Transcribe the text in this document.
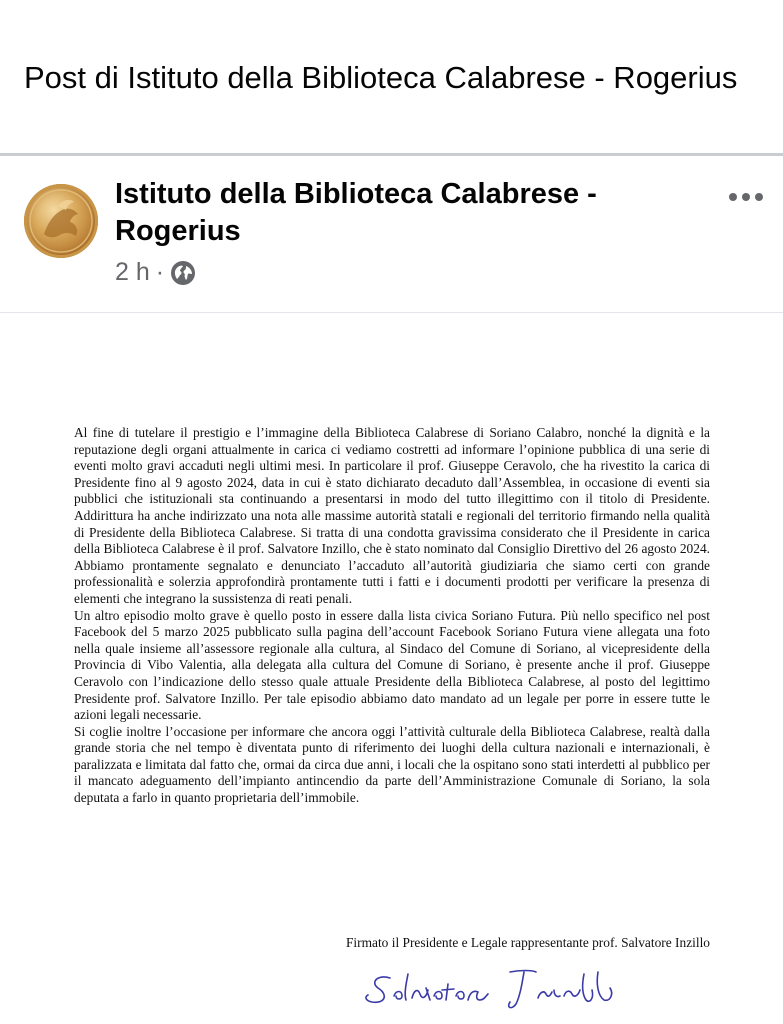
Post di Istituto della Biblioteca Calabrese - Rogerius
Istituto della Biblioteca Calabrese - Rogerius
2 h ·

Al fine di tutelare il prestigio e l’immagine della Biblioteca Calabrese di Soriano Calabro, nonché la dignità e la reputazione degli organi attualmente in carica ci vediamo costretti ad informare l’opinione pubblica di una serie di eventi molto gravi accaduti negli ultimi mesi. In particolare il prof. Giuseppe Ceravolo, che ha rivestito la carica di Presidente fino al 9 agosto 2024, data in cui è stato dichiarato decaduto dall’Assemblea, in occasione di eventi sia pubblici che istituzionali sta continuando a presentarsi in modo del tutto illegittimo con il titolo di Presidente. Addirittura ha anche indirizzato una nota alle massime autorità statali e regionali del territorio firmando nella qualità di Presidente della Biblioteca Calabrese. Si tratta di una condotta gravissima considerato che il Presidente in carica della Biblioteca Calabrese è il prof. Salvatore Inzillo, che è stato nominato dal Consiglio Direttivo del 26 agosto 2024. Abbiamo prontamente segnalato e denunciato l’accaduto all’autorità giudiziaria che siamo certi con grande professionalità e solerzia approfondirà prontamente tutti i fatti e i documenti prodotti per verificare la presenza di elementi che integrano la sussistenza di reati penali.

Un altro episodio molto grave è quello posto in essere dalla lista civica Soriano Futura. Più nello specifico nel post Facebook del 5 marzo 2025 pubblicato sulla pagina dell’account Facebook Soriano Futura viene allegata una foto nella quale insieme all’assessore regionale alla cultura, al Sindaco del Comune di Soriano, al vicepresidente della Provincia di Vibo Valentia, alla delegata alla cultura del Comune di Soriano, è presente anche il prof. Giuseppe Ceravolo con l’indicazione dello stesso quale attuale Presidente della Biblioteca Calabrese, al posto del legittimo Presidente prof. Salvatore Inzillo. Per tale episodio abbiamo dato mandato ad un legale per porre in essere tutte le azioni legali necessarie.

Si coglie inoltre l’occasione per informare che ancora oggi l’attività culturale della Biblioteca Calabrese, realtà dalla grande storia che nel tempo è diventata punto di riferimento dei luoghi della cultura nazionali e internazionali, è paralizzata e limitata dal fatto che, ormai da circa due anni, i locali che la ospitano sono stati interdetti al pubblico per il mancato adeguamento dell’impianto antincendio da parte dell’Amministrazione Comunale di Soriano, la sola deputata a farlo in quanto proprietaria dell’immobile.

Firmato il Presidente e Legale rappresentante prof. Salvatore Inzillo
